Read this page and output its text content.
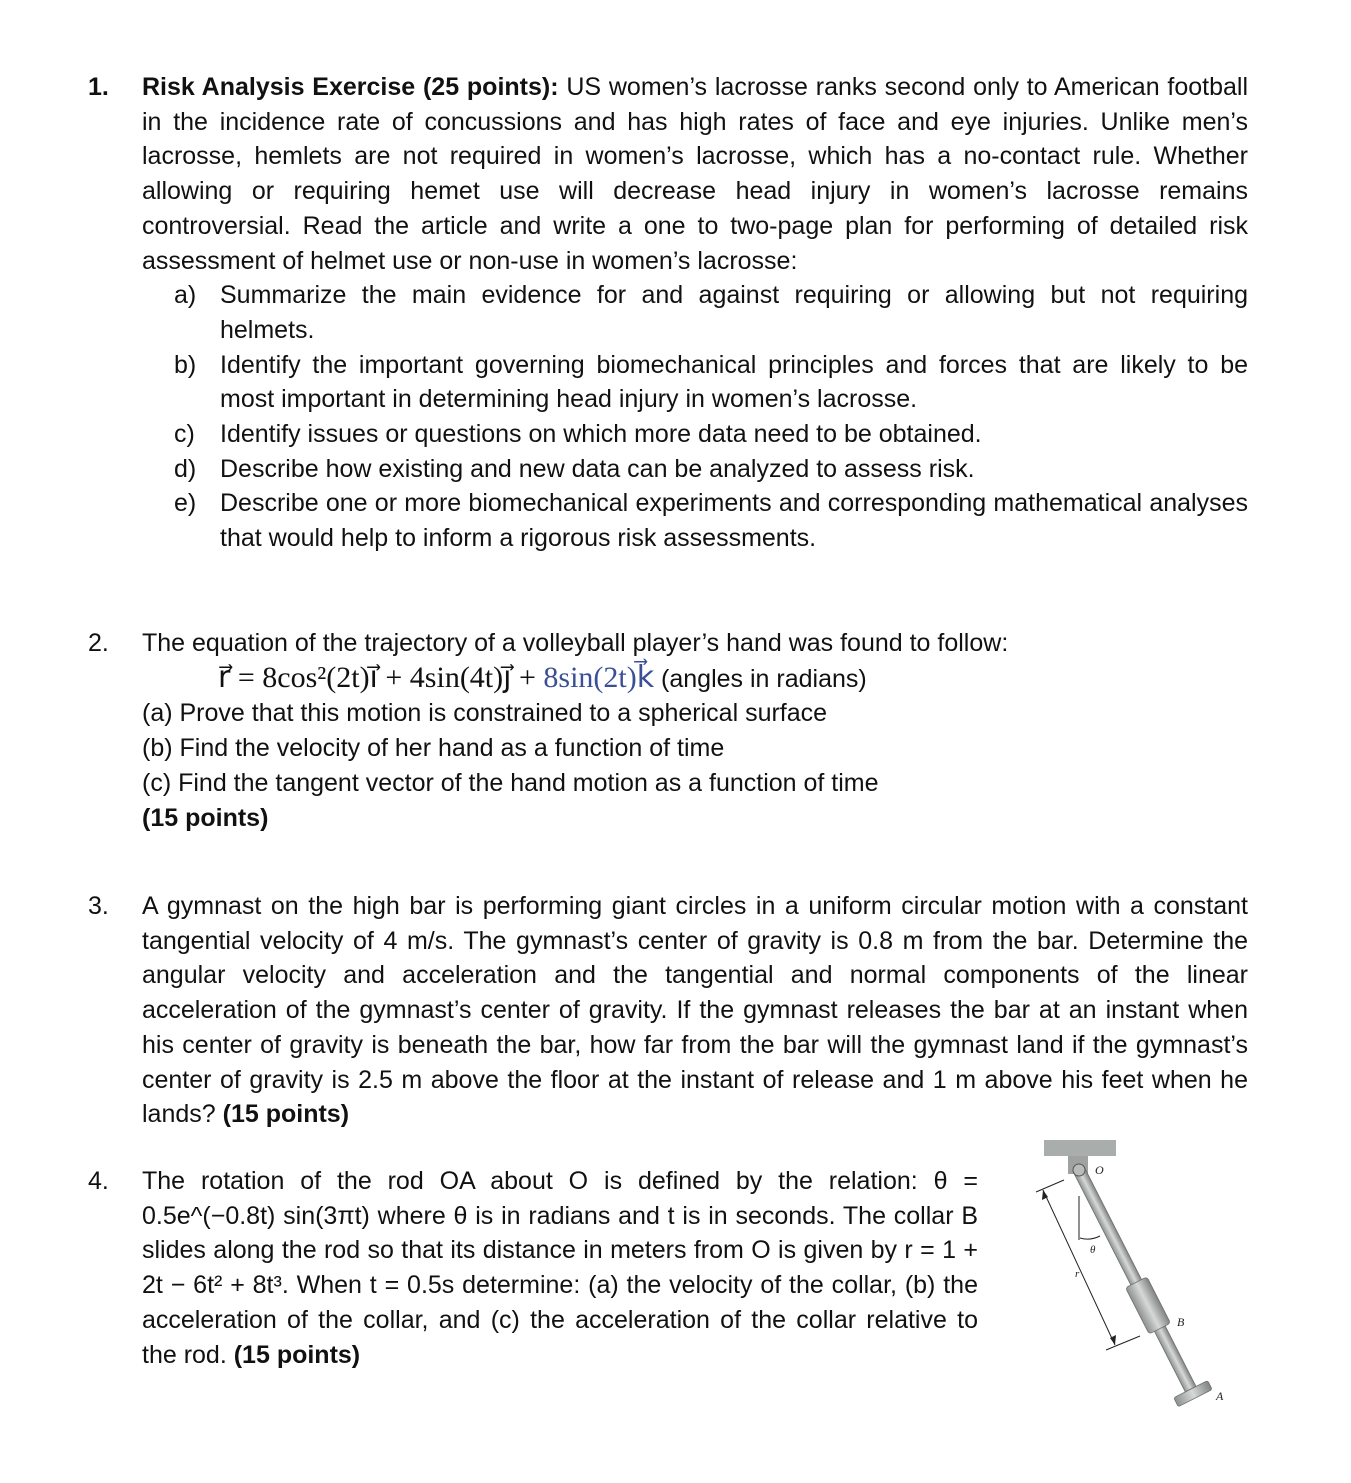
1. Risk Analysis Exercise (25 points): US women’s lacrosse ranks second only to American football in the incidence rate of concussions and has high rates of face and eye injuries. Unlike men’s lacrosse, hemlets are not required in women’s lacrosse, which has a no-contact rule. Whether allowing or requiring hemet use will decrease head injury in women’s lacrosse remains controversial. Read the article and write a one to two-page plan for performing of detailed risk assessment of helmet use or non-use in women’s lacrosse:
a) Summarize the main evidence for and against requiring or allowing but not requiring helmets.
b) Identify the important governing biomechanical principles and forces that are likely to be most important in determining head injury in women’s lacrosse.
c) Identify issues or questions on which more data need to be obtained.
d) Describe how existing and new data can be analyzed to assess risk.
e) Describe one or more biomechanical experiments and corresponding mathematical analyses that would help to inform a rigorous risk assessments.
2. The equation of the trajectory of a volleyball player’s hand was found to follow:
r⃗ = 8cos²(2t)i⃗ + 4sin(4t)j⃗ + 8sin(2t)k⃗ (angles in radians)
(a) Prove that this motion is constrained to a spherical surface
(b) Find the velocity of her hand as a function of time
(c) Find the tangent vector of the hand motion as a function of time
(15 points)
3. A gymnast on the high bar is performing giant circles in a uniform circular motion with a constant tangential velocity of 4 m/s. The gymnast’s center of gravity is 0.8 m from the bar. Determine the angular velocity and acceleration and the tangential and normal components of the linear acceleration of the gymnast’s center of gravity. If the gymnast releases the bar at an instant when his center of gravity is beneath the bar, how far from the bar will the gymnast land if the gymnast’s center of gravity is 2.5 m above the floor at the instant of release and 1 m above his feet when he lands? (15 points)
4. The rotation of the rod OA about O is defined by the relation: θ = 0.5e^(−0.8t) sin(3πt) where θ is in radians and t is in seconds. The collar B slides along the rod so that its distance in meters from O is given by r = 1 + 2t − 6t² + 8t³. When t = 0.5s determine: (a) the velocity of the collar, (b) the acceleration of the collar, and (c) the acceleration of the collar relative to the rod. (15 points)
O
θ
r
B
A
